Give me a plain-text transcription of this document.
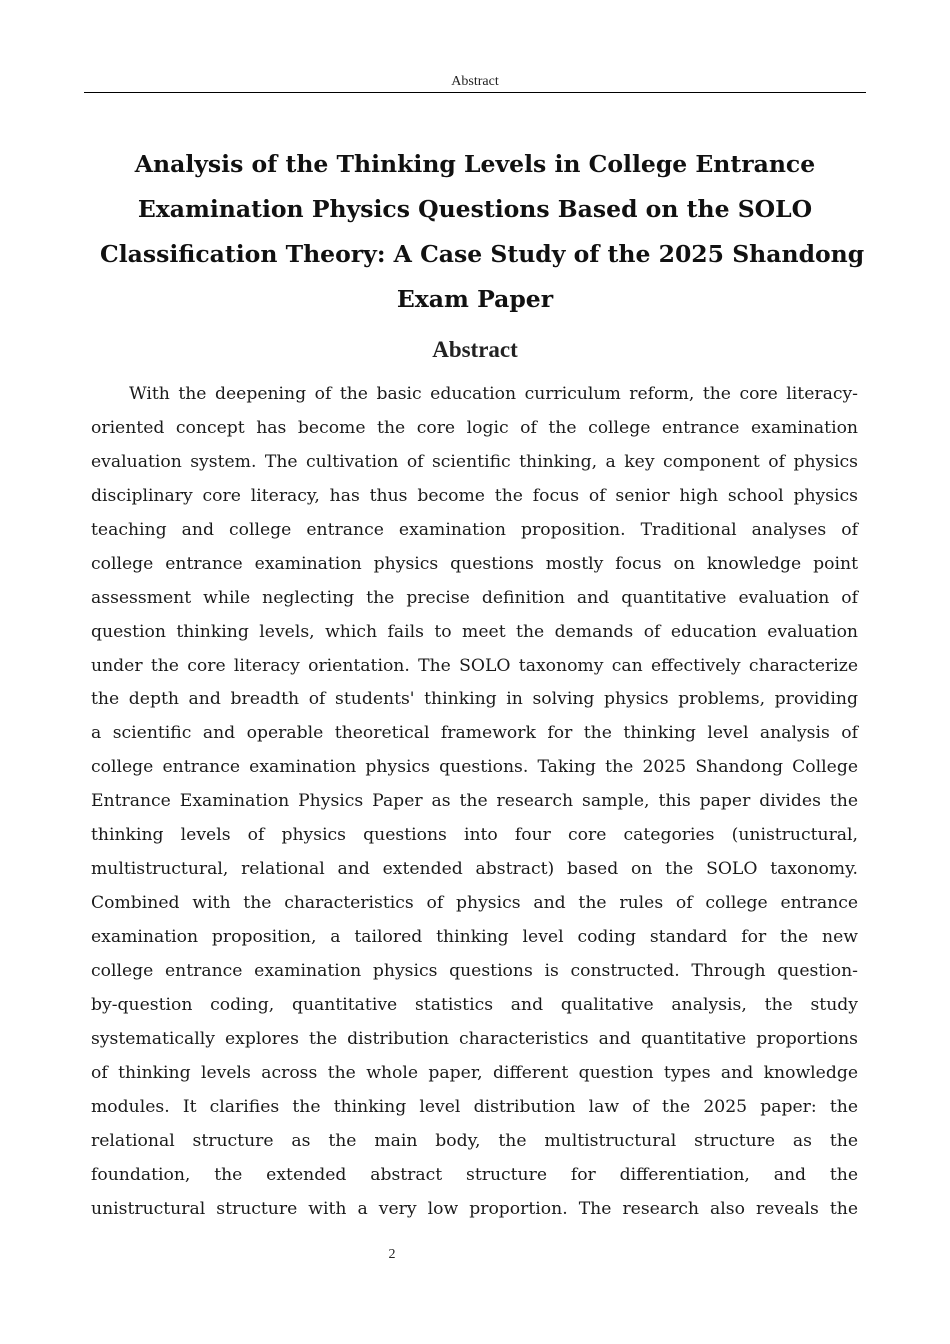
Abstract
Analysis of the Thinking Levels in College Entrance
Examination Physics Questions Based on the SOLO
Classification Theory: A Case Study of the 2025 Shandong
Exam Paper
Abstract
With the deepening of the basic education curriculum reform, the core literacy-
oriented concept has become the core logic of the college entrance examination
evaluation system. The cultivation of scientific thinking, a key component of physics
disciplinary core literacy, has thus become the focus of senior high school physics
teaching and college entrance examination proposition. Traditional analyses of
college entrance examination physics questions mostly focus on knowledge point
assessment while neglecting the precise definition and quantitative evaluation of
question thinking levels, which fails to meet the demands of education evaluation
under the core literacy orientation. The SOLO taxonomy can effectively characterize
the depth and breadth of students' thinking in solving physics problems, providing
a scientific and operable theoretical framework for the thinking level analysis of
college entrance examination physics questions. Taking the 2025 Shandong College
Entrance Examination Physics Paper as the research sample, this paper divides the
thinking levels of physics questions into four core categories (unistructural,
multistructural, relational and extended abstract) based on the SOLO taxonomy.
Combined with the characteristics of physics and the rules of college entrance
examination proposition, a tailored thinking level coding standard for the new
college entrance examination physics questions is constructed. Through question-
by-question coding, quantitative statistics and qualitative analysis, the study
systematically explores the distribution characteristics and quantitative proportions
of thinking levels across the whole paper, different question types and knowledge
modules. It clarifies the thinking level distribution law of the 2025 paper: the
relational structure as the main body, the multistructural structure as the
foundation, the extended abstract structure for differentiation, and the
unistructural structure with a very low proportion. The research also reveals the
2
